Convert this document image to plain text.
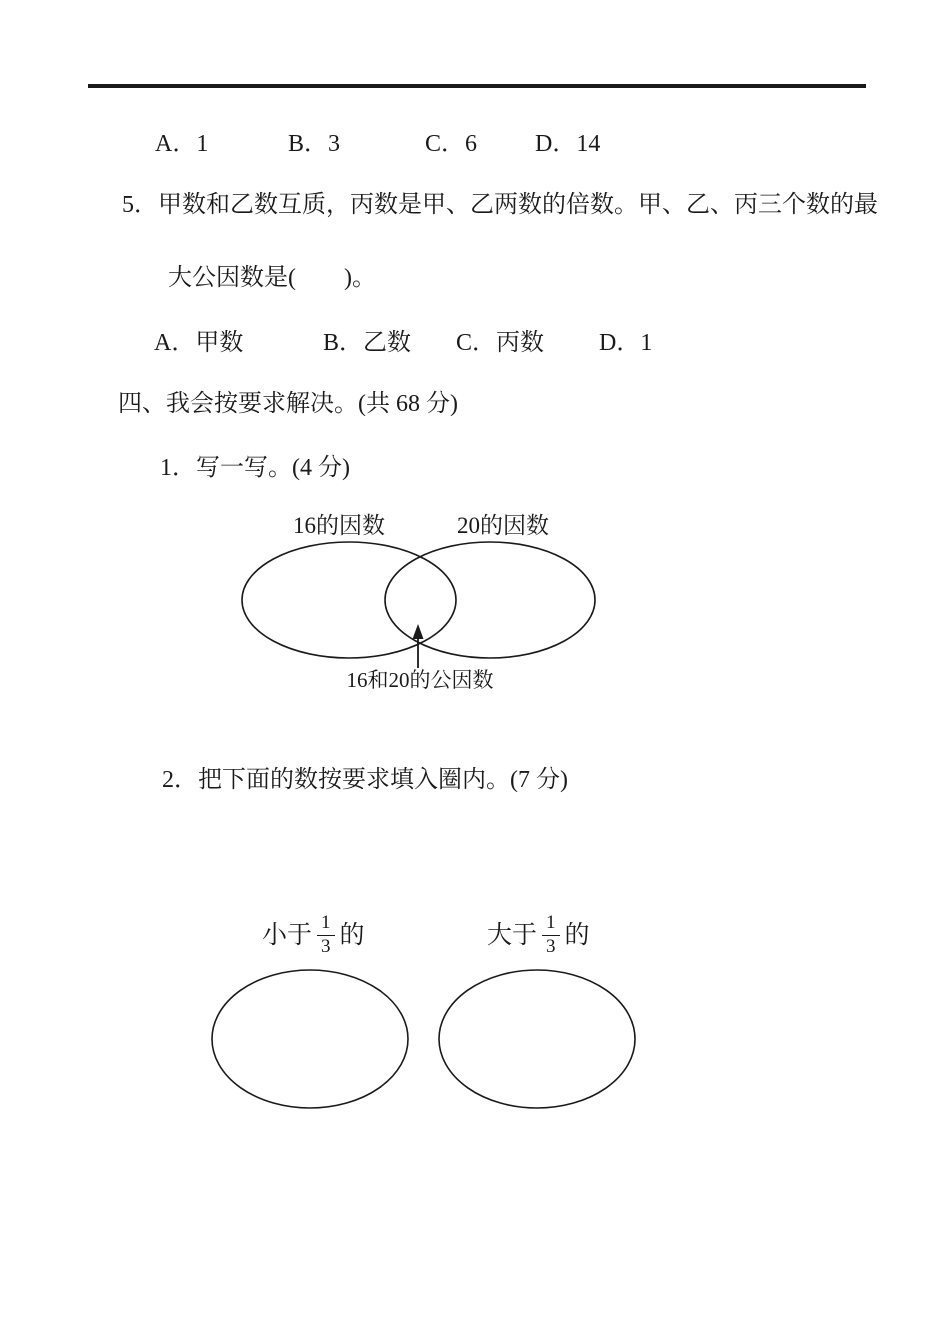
A．1	B．3	C．6 D．14
5．甲数和乙数互质，丙数是甲、乙两数的倍数。甲、乙、丙三个数的最
大公因数是(　　)。
A．甲数	B．乙数 C．丙数 D．1
四、我会按要求解决。(共 68 分)
1．写一写。(4 分)
16的因数	20的因数
16和20的公因数
2．把下面的数按要求填入圈内。(7 分)
小于 $\frac{1}{3}$ 的	大于 $\frac{1}{3}$ 的
